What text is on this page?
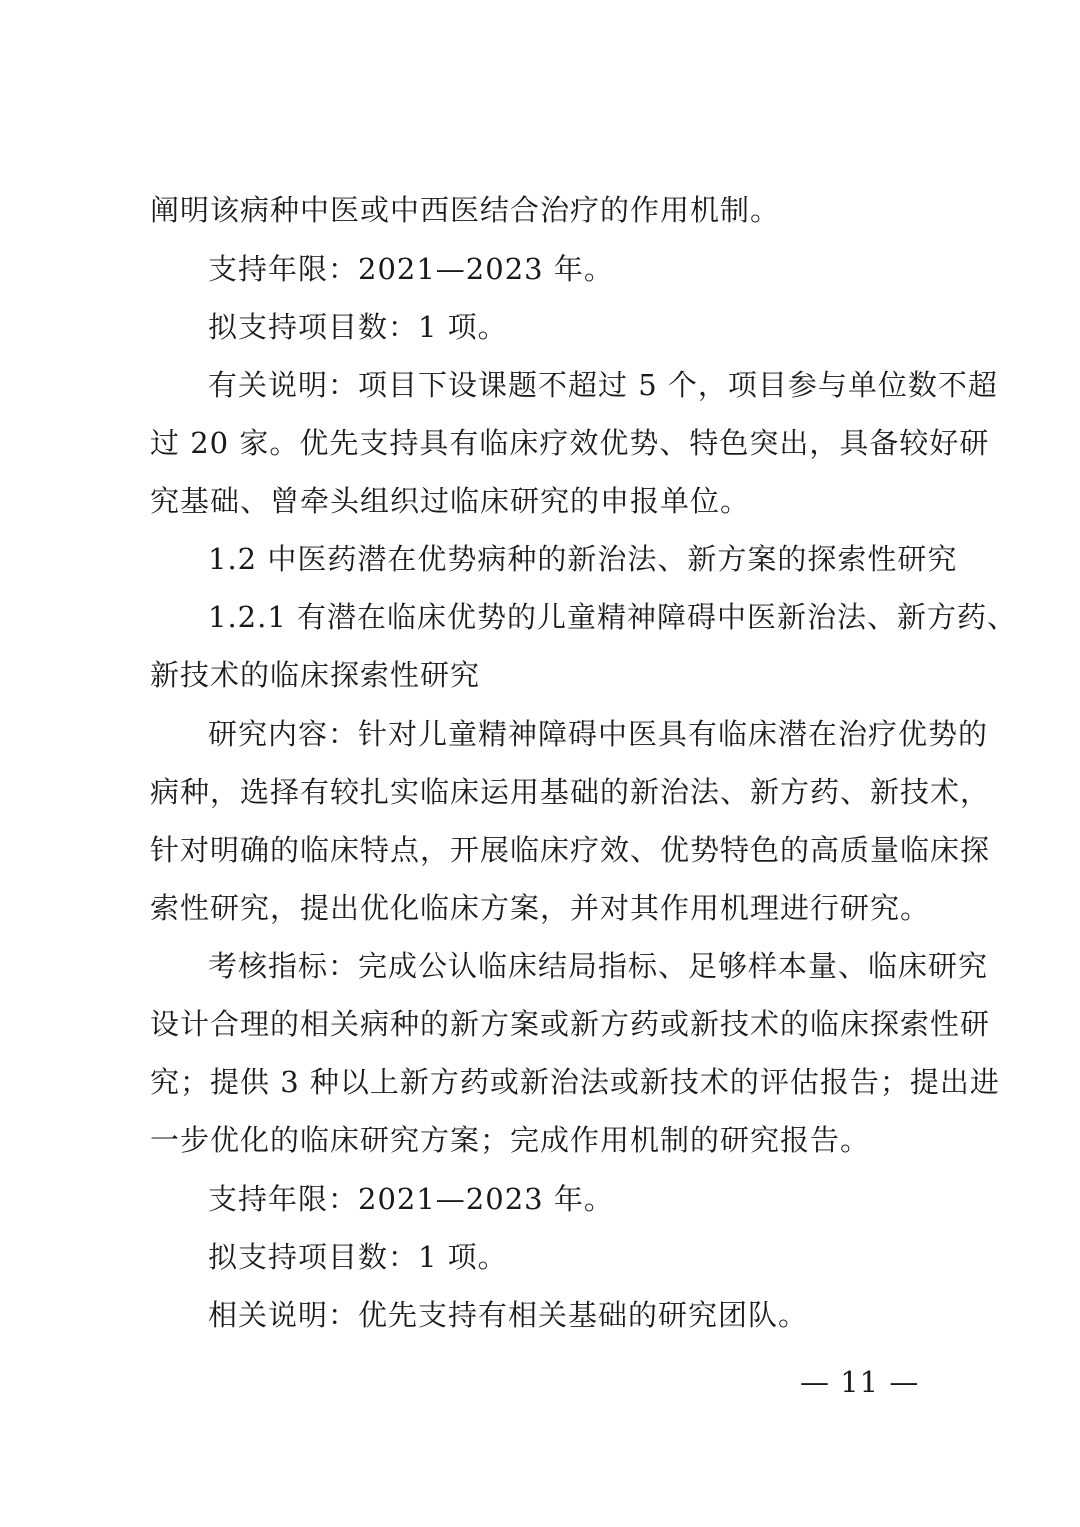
阐明该病种中医或中西医结合治疗的作用机制。
支持年限：2021—2023 年。
拟支持项目数：1 项。
有关说明：项目下设课题不超过 5 个，项目参与单位数不超
过 20 家。优先支持具有临床疗效优势、特色突出，具备较好研
究基础、曾牵头组织过临床研究的申报单位。
1.2 中医药潜在优势病种的新治法、新方案的探索性研究
1.2.1 有潜在临床优势的儿童精神障碍中医新治法、新方药、
新技术的临床探索性研究
研究内容：针对儿童精神障碍中医具有临床潜在治疗优势的
病种，选择有较扎实临床运用基础的新治法、新方药、新技术，
针对明确的临床特点，开展临床疗效、优势特色的高质量临床探
索性研究，提出优化临床方案，并对其作用机理进行研究。
考核指标：完成公认临床结局指标、足够样本量、临床研究
设计合理的相关病种的新方案或新方药或新技术的临床探索性研
究；提供 3 种以上新方药或新治法或新技术的评估报告；提出进
一步优化的临床研究方案；完成作用机制的研究报告。
支持年限：2021—2023 年。
拟支持项目数：1 项。
相关说明：优先支持有相关基础的研究团队。
— 11 —
